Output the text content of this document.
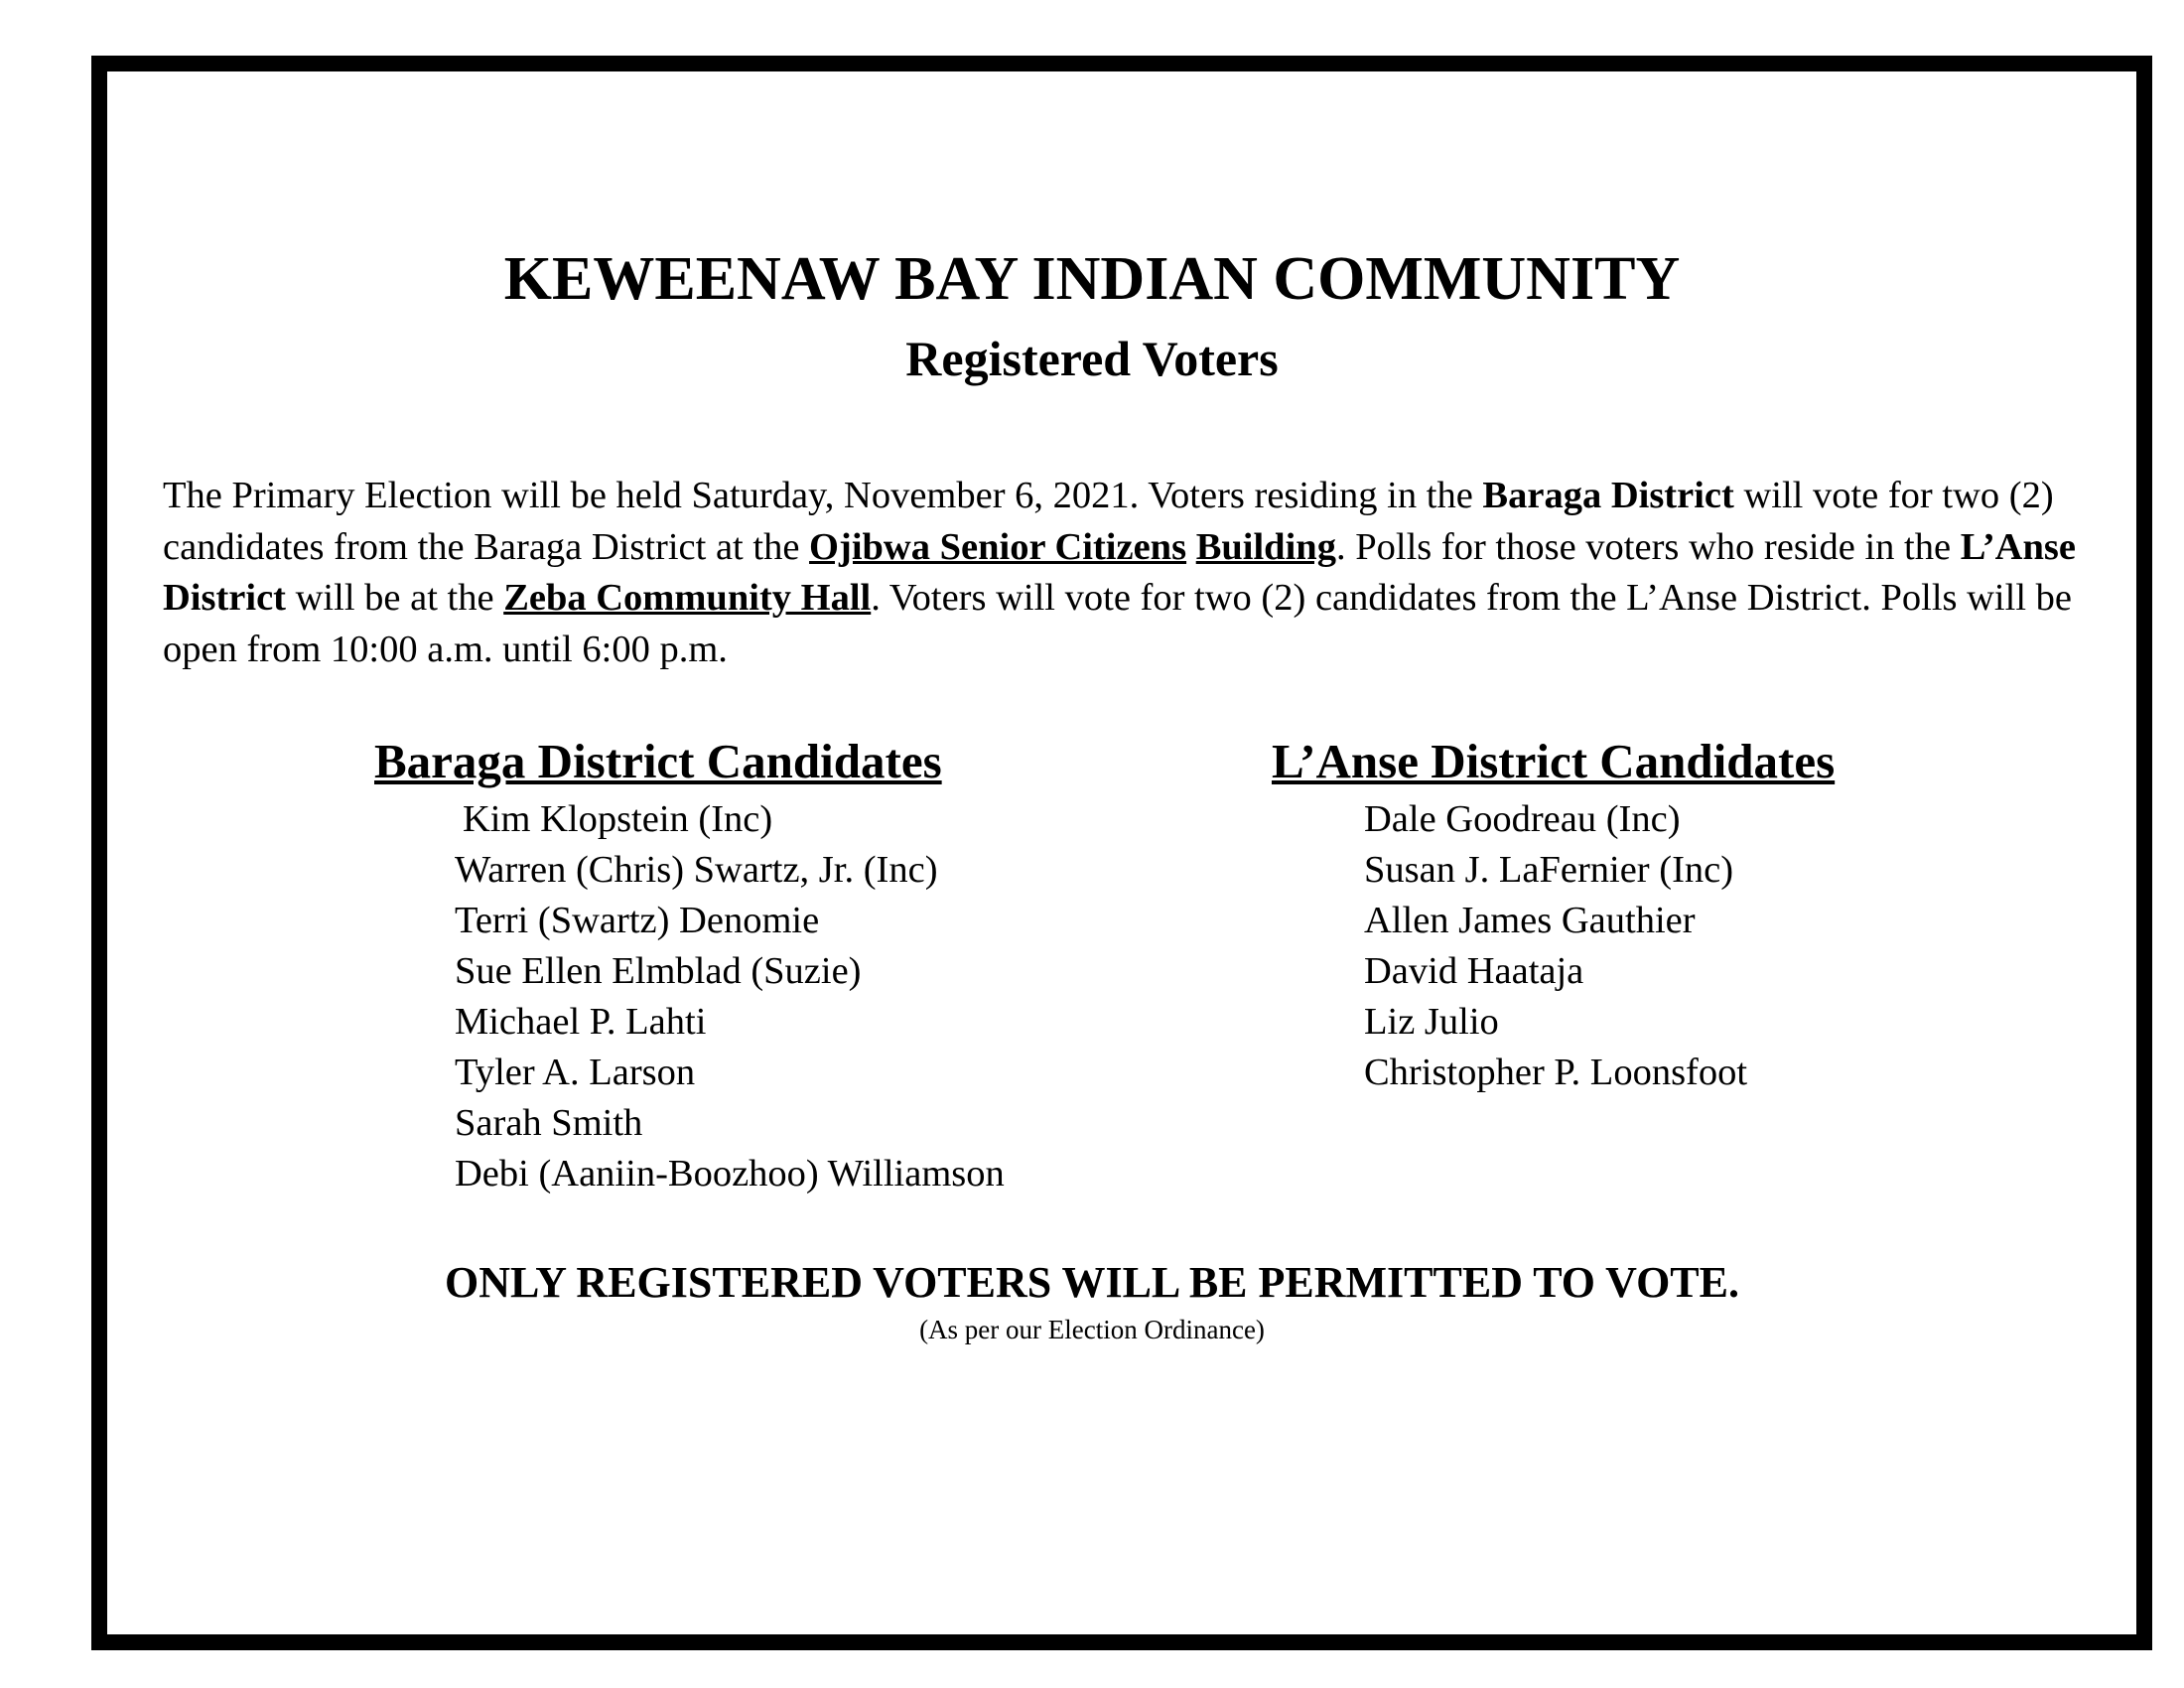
KEWEENAW BAY INDIAN COMMUNITY
Registered Voters

The Primary Election will be held Saturday, November 6, 2021. Voters residing in the Baraga District will vote for two (2) candidates from the Baraga District at the Ojibwa Senior Citizens Building. Polls for those voters who reside in the L’Anse District will be at the Zeba Community Hall. Voters will vote for two (2) candidates from the L’Anse District. Polls will be open from 10:00 a.m. until 6:00 p.m.

Baraga District Candidates
Kim Klopstein (Inc)
Warren (Chris) Swartz, Jr. (Inc)
Terri (Swartz) Denomie
Sue Ellen Elmblad (Suzie)
Michael P. Lahti
Tyler A. Larson
Sarah Smith
Debi (Aaniin-Boozhoo) Williamson
L’Anse District Candidates
Dale Goodreau (Inc)
Susan J. LaFernier (Inc)
Allen James Gauthier
David Haataja
Liz Julio
Christopher P. Loonsfoot

ONLY REGISTERED VOTERS WILL BE PERMITTED TO VOTE.

(As per our Election Ordinance)
